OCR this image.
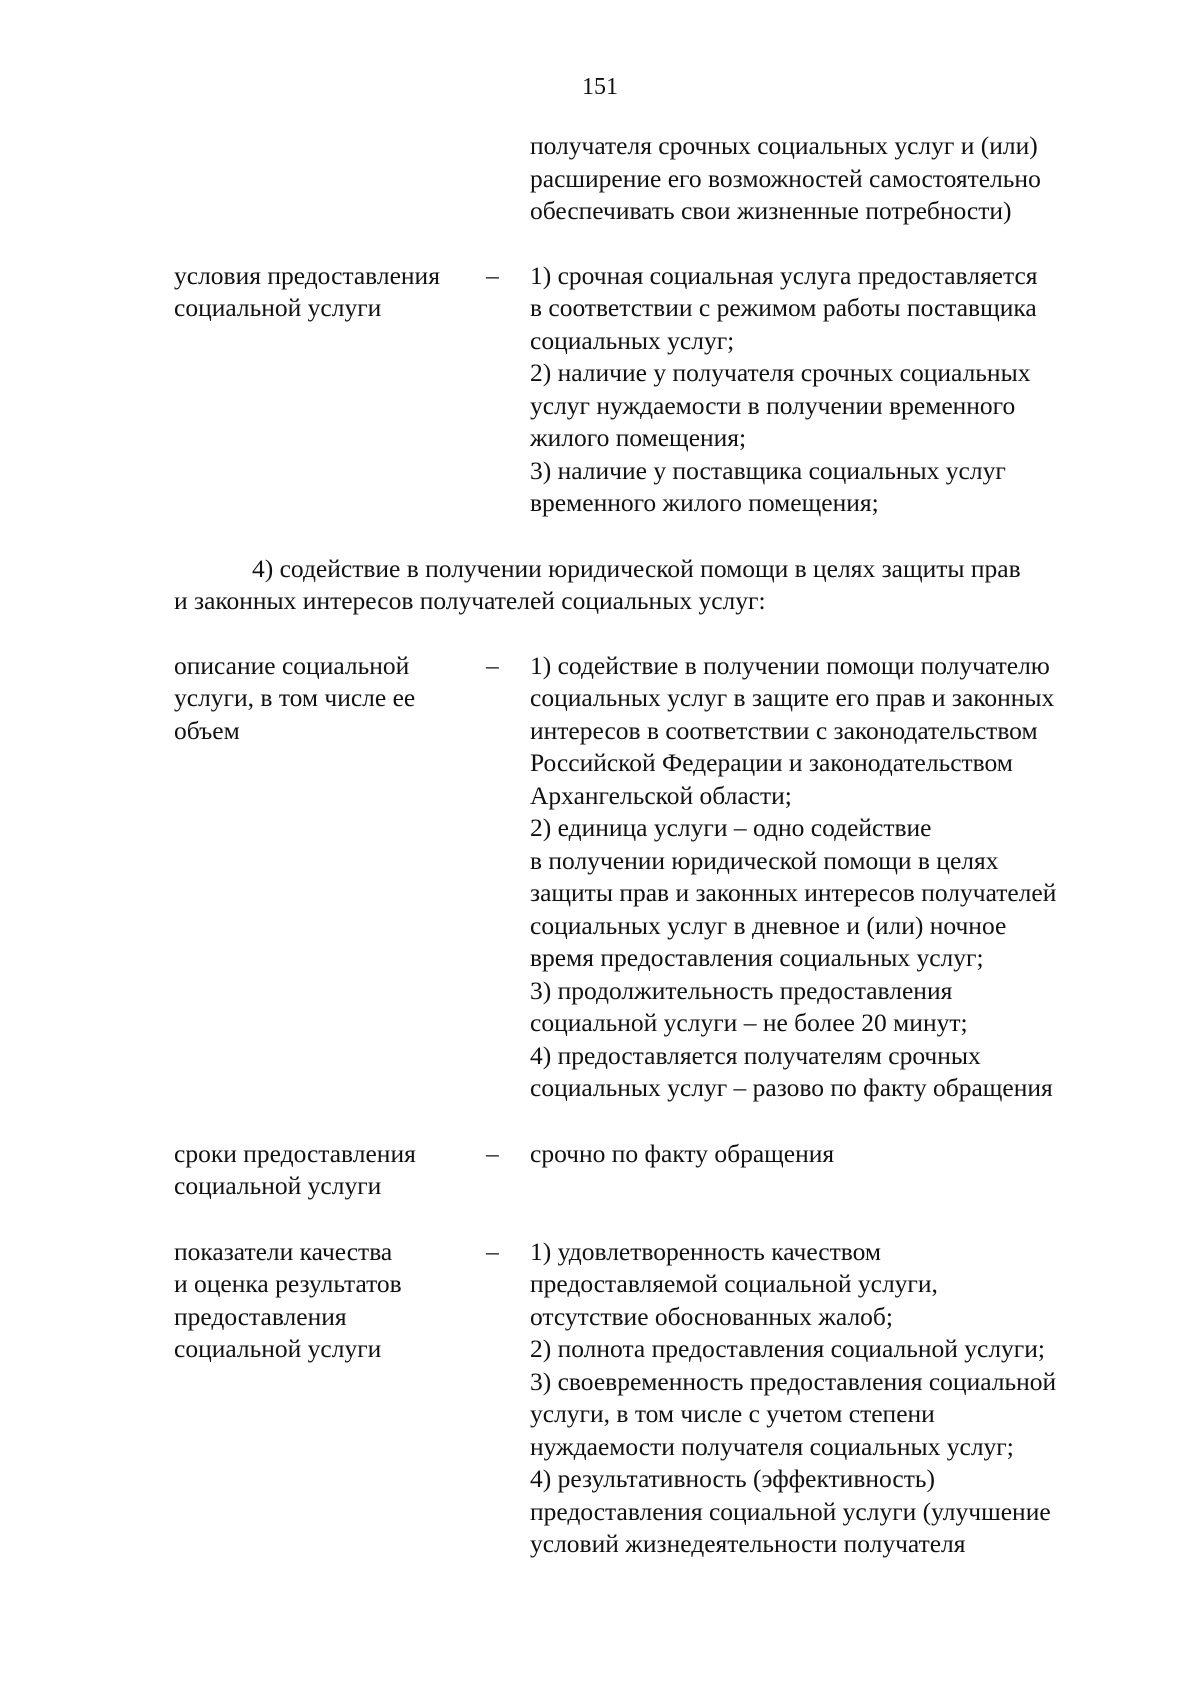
151
получателя срочных социальных услуг и (или)
расширение его возможностей самостоятельно
обеспечивать свои жизненные потребности)
условия предоставления
социальной услуги
– 1) срочная социальная услуга предоставляется
в соответствии с режимом работы поставщика
социальных услуг;
2) наличие у получателя срочных социальных
услуг нуждаемости в получении временного
жилого помещения;
3) наличие у поставщика социальных услуг
временного жилого помещения;
4) содействие в получении юридической помощи в целях защиты прав
и законных интересов получателей социальных услуг:
описание социальной
услуги, в том числе ее
объем
– 1) содействие в получении помощи получателю
социальных услуг в защите его прав и законных
интересов в соответствии с законодательством
Российской Федерации и законодательством
Архангельской области;
2) единица услуги – одно содействие
в получении юридической помощи в целях
защиты прав и законных интересов получателей
социальных услуг в дневное и (или) ночное
время предоставления социальных услуг;
3) продолжительность предоставления
социальной услуги – не более 20 минут;
4) предоставляется получателям срочных
социальных услуг – разово по факту обращения
сроки предоставления
социальной услуги
– срочно по факту обращения
показатели качества
и оценка результатов
предоставления
социальной услуги
– 1) удовлетворенность качеством
предоставляемой социальной услуги,
отсутствие обоснованных жалоб;
2) полнота предоставления социальной услуги;
3) своевременность предоставления социальной
услуги, в том числе с учетом степени
нуждаемости получателя социальных услуг;
4) результативность (эффективность)
предоставления социальной услуги (улучшение
условий жизнедеятельности получателя
